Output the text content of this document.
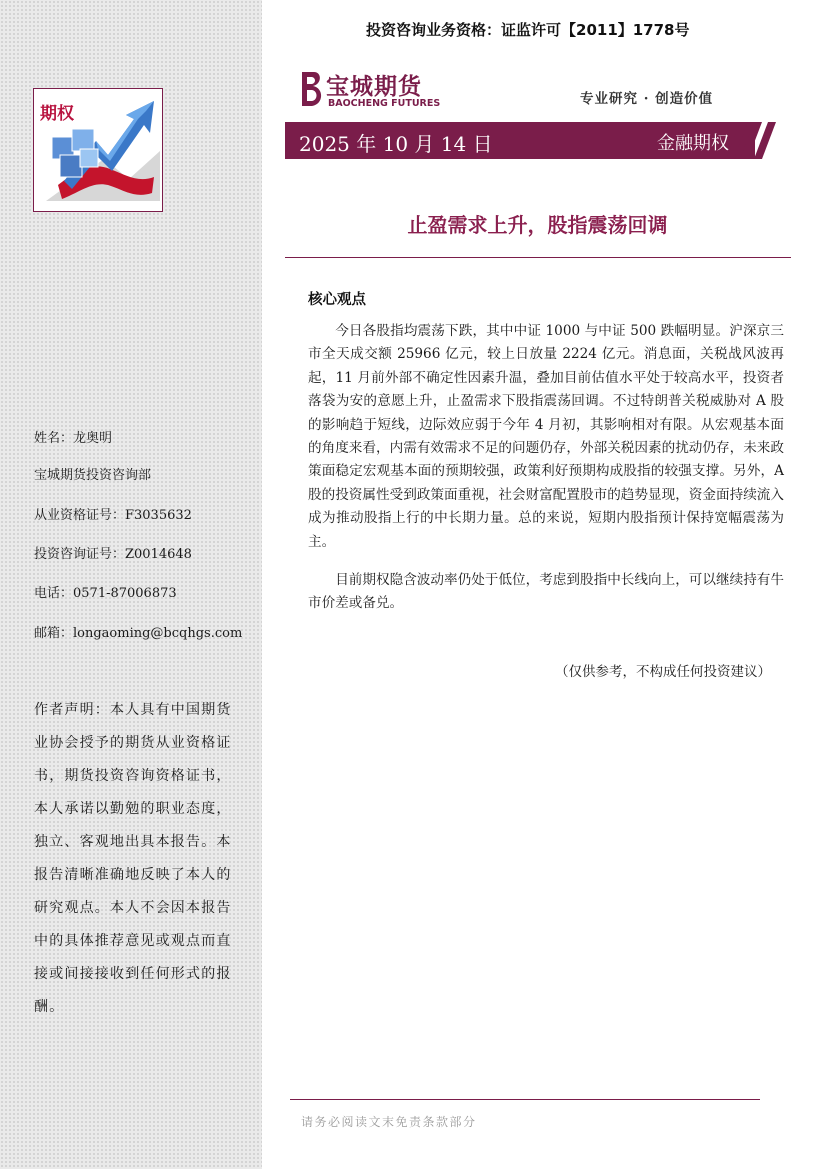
期权
姓名：龙奥明
宝城期货投资咨询部
从业资格证号：F3035632
投资咨询证号：Z0014648
电话：0571-87006873
邮箱：longaoming@bcqhgs.com
作者声明：本人具有中国期货业协会授予的期货从业资格证书，期货投资咨询资格证书，本人承诺以勤勉的职业态度，独立、客观地出具本报告。本报告清晰准确地反映了本人的研究观点。本人不会因本报告中的具体推荐意见或观点而直接或间接接收到任何形式的报酬。
投资咨询业务资格：证监许可【2011】1778号
宝城期货
BAOCHENG FUTURES	专业研究 · 创造价值
2025 年 10 月 14 日	金融期权
止盈需求上升，股指震荡回调
核心观点

今日各股指均震荡下跌，其中中证 1000 与中证 500 跌幅明显。沪深京三市全天成交额 25966 亿元，较上日放量 2224 亿元。消息面，关税战风波再起，11 月前外部不确定性因素升温，叠加目前估值水平处于较高水平，投资者落袋为安的意愿上升，止盈需求下股指震荡回调。不过特朗普关税威胁对 A 股的影响趋于短线，边际效应弱于今年 4 月初，其影响相对有限。从宏观基本面的角度来看，内需有效需求不足的问题仍存，外部关税因素的扰动仍存，未来政策面稳定宏观基本面的预期较强，政策利好预期构成股指的较强支撑。另外，A 股的投资属性受到政策面重视，社会财富配置股市的趋势显现，资金面持续流入成为推动股指上行的中长期力量。总的来说，短期内股指预计保持宽幅震荡为主。

目前期权隐含波动率仍处于低位，考虑到股指中长线向上，可以继续持有牛市价差或备兑。

（仅供参考，不构成任何投资建议）
请务必阅读文末免责条款部分
